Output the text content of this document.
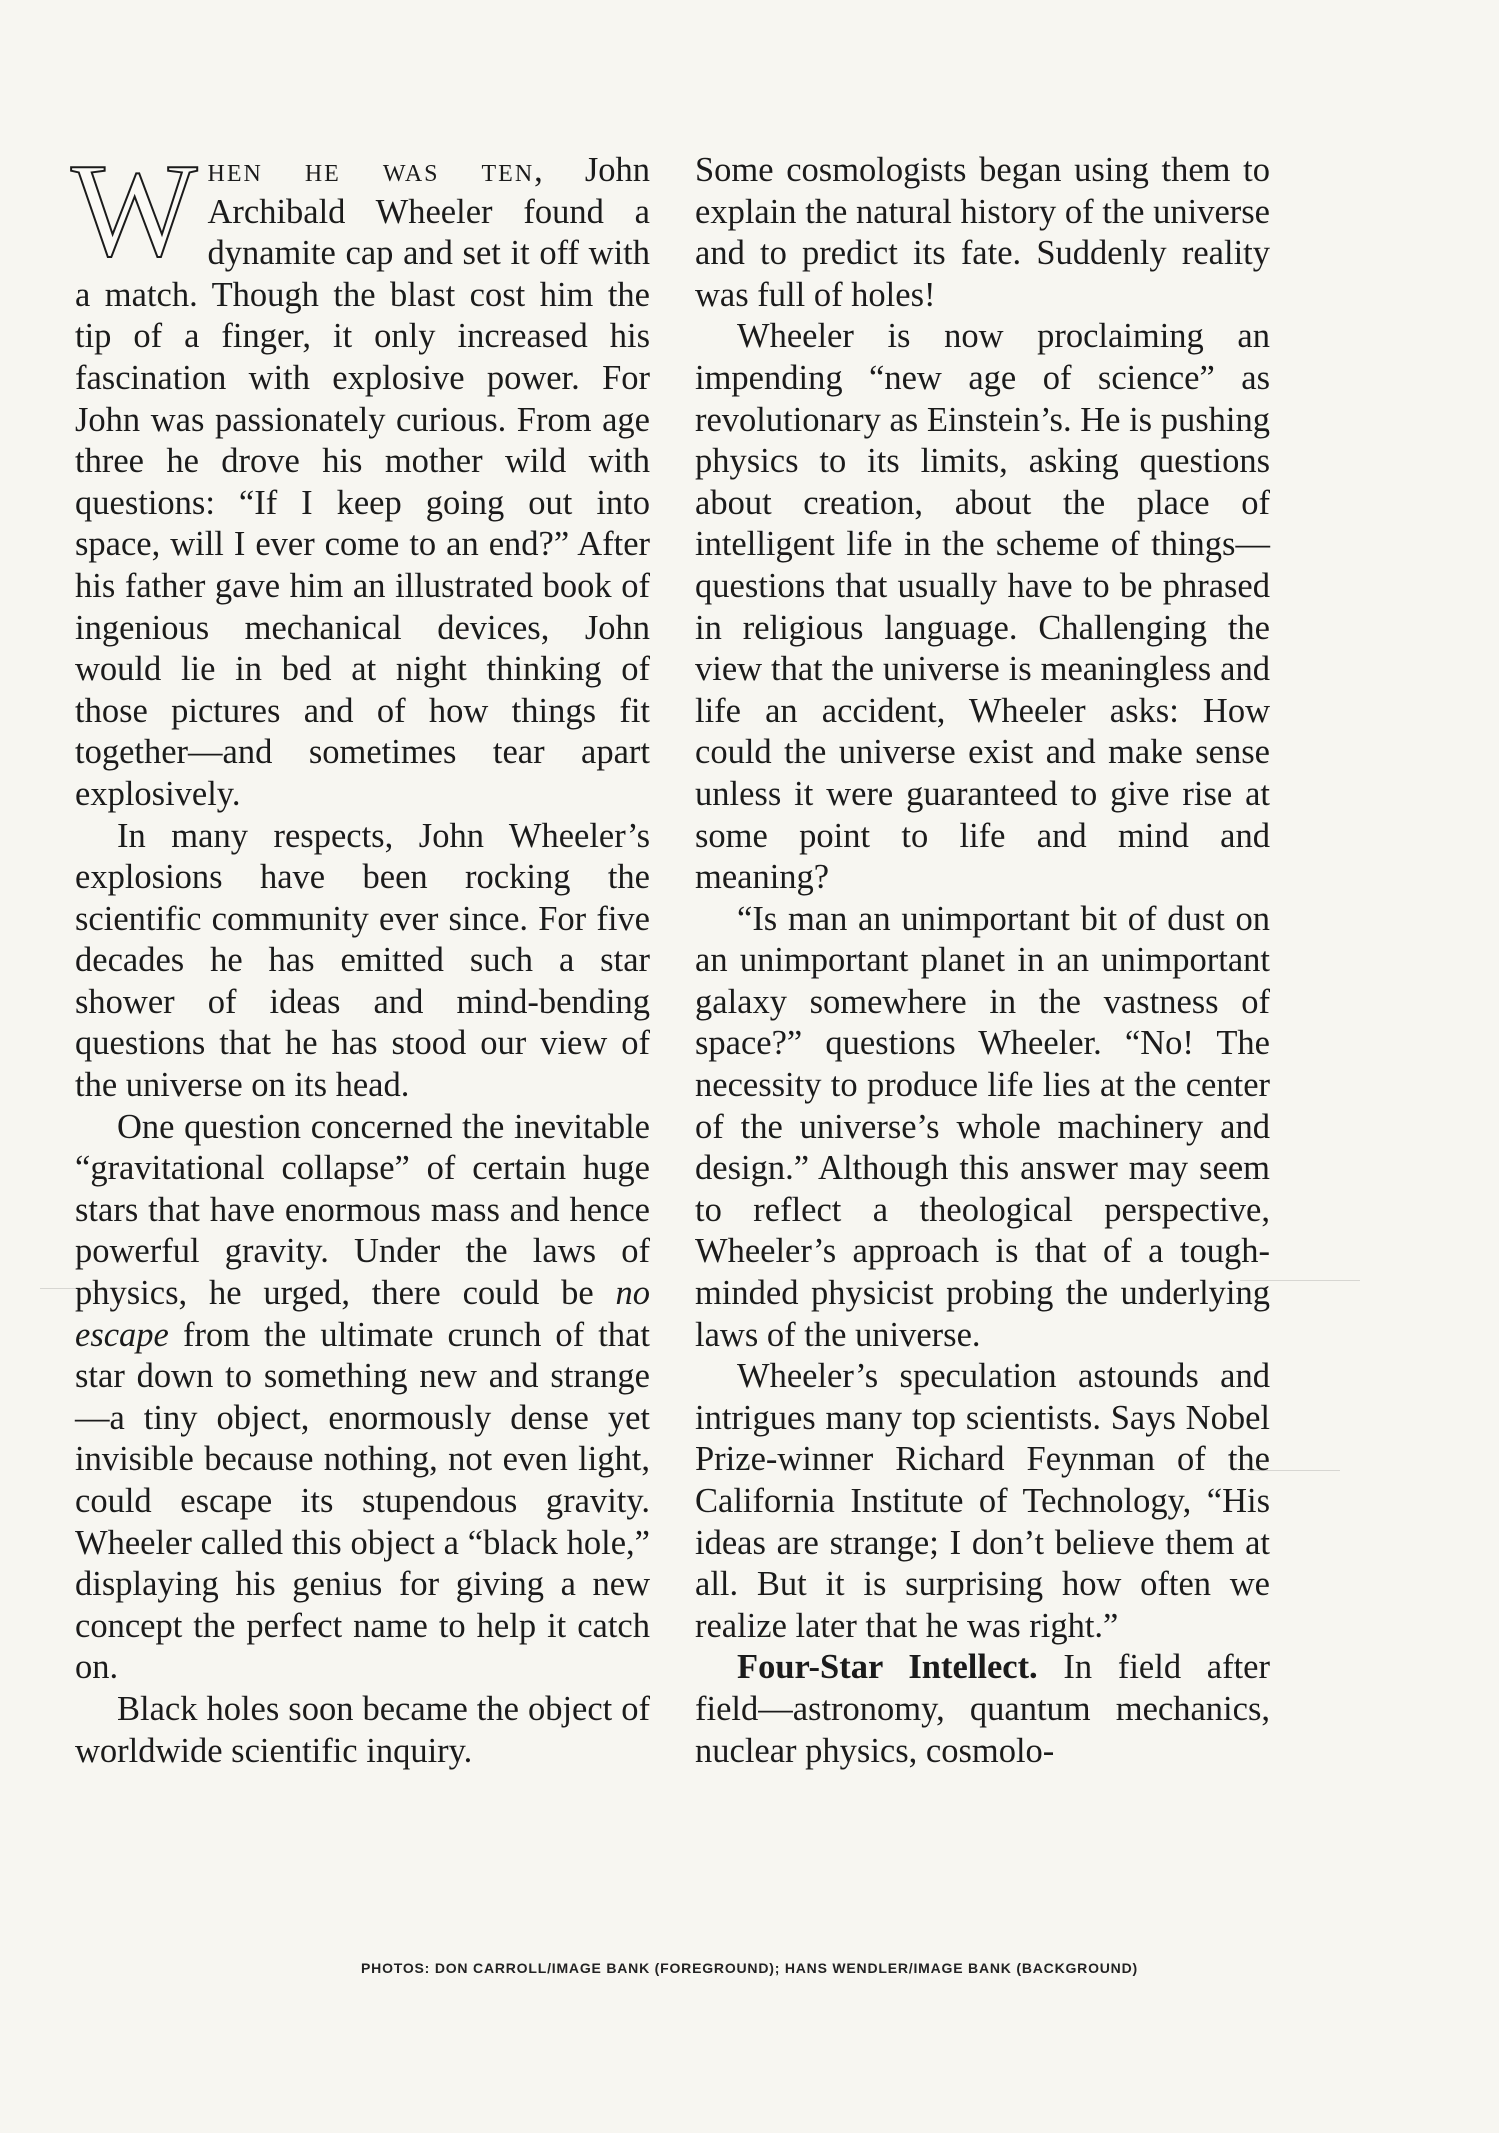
When he was ten, John Archibald Wheeler found a dynamite cap and set it off with a match. Though the blast cost him the tip of a finger, it only increased his fascination with explosive power. For John was passionately curious. From age three he drove his mother wild with questions: “If I keep going out into space, will I ever come to an end?” After his father gave him an illustrated book of ingenious mechanical devices, John would lie in bed at night thinking of those pictures and of how things fit together—and sometimes tear apart explosively.

In many respects, John Wheeler’s explosions have been rocking the scientific community ever since. For five decades he has emitted such a star shower of ideas and mind-bending questions that he has stood our view of the universe on its head.

One question concerned the inevitable “gravitational collapse” of certain huge stars that have enormous mass and hence powerful gravity. Under the laws of physics, he urged, there could be no escape from the ultimate crunch of that star down to something new and strange—a tiny object, enormously dense yet invisible because nothing, not even light, could escape its stupendous gravity. Wheeler called this object a “black hole,” displaying his genius for giving a new concept the perfect name to help it catch on.

Black holes soon became the object of worldwide scientific inquiry.

Some cosmologists began using them to explain the natural history of the universe and to predict its fate. Suddenly reality was full of holes!

Wheeler is now proclaiming an impending “new age of science” as revolutionary as Einstein’s. He is pushing physics to its limits, asking questions about creation, about the place of intelligent life in the scheme of things—questions that usually have to be phrased in religious language. Challenging the view that the universe is meaningless and life an accident, Wheeler asks: How could the universe exist and make sense unless it were guaranteed to give rise at some point to life and mind and meaning?

“Is man an unimportant bit of dust on an unimportant planet in an unimportant galaxy somewhere in the vastness of space?” questions Wheeler. “No! The necessity to produce life lies at the center of the universe’s whole machinery and design.” Although this answer may seem to reflect a theological perspective, Wheeler’s approach is that of a tough-minded physicist probing the underlying laws of the universe.

Wheeler’s speculation astounds and intrigues many top scientists. Says Nobel Prize-winner Richard Feynman of the California Institute of Technology, “His ideas are strange; I don’t believe them at all. But it is surprising how often we realize later that he was right.”

Four-Star Intellect. In field after field—astronomy, quantum mechanics, nuclear physics, cosmolo-

PHOTOS: DON CARROLL/IMAGE BANK (FOREGROUND); HANS WENDLER/IMAGE BANK (BACKGROUND)
